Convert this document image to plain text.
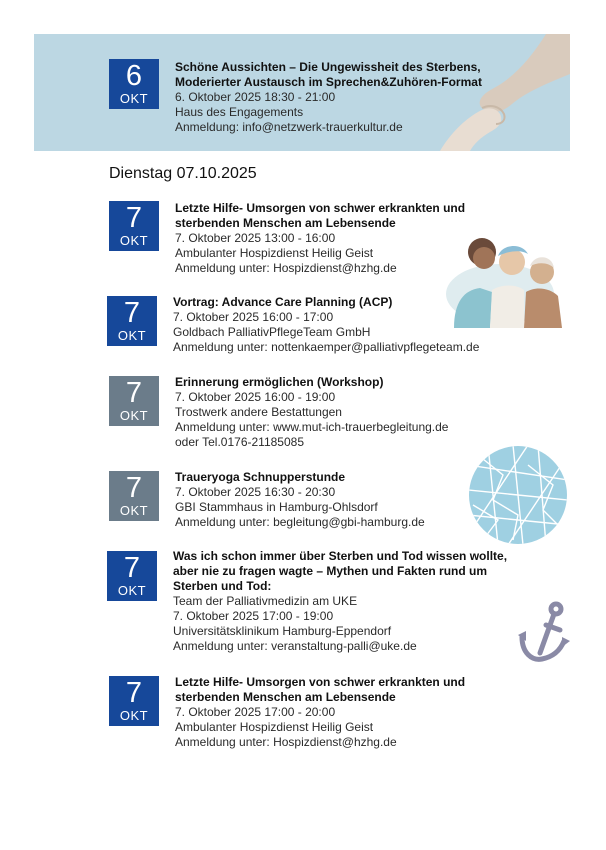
6
OKT
Schöne Aussichten – Die Ungewissheit des Sterbens,
Moderierter Austausch im Sprechen&Zuhören-Format
6. Oktober 2025 18:30 - 21:00
Haus des Engagements
Anmeldung: info@netzwerk-trauerkultur.de
Dienstag 07.10.2025
7
OKT
Letzte Hilfe- Umsorgen von schwer erkrankten und
sterbenden Menschen am Lebensende
7. Oktober 2025 13:00 - 16:00
Ambulanter Hospizdienst Heilig Geist
Anmeldung unter: Hospizdienst@hzhg.de
7
OKT
Vortrag: Advance Care Planning (ACP)
7. Oktober 2025 16:00 - 17:00
Goldbach PalliativPflegeTeam GmbH
Anmeldung unter: nottenkaemper@palliativpflegeteam.de
7
OKT
Erinnerung ermöglichen (Workshop)
7. Oktober 2025 16:00 - 19:00
Trostwerk andere Bestattungen
Anmeldung unter: www.mut-ich-trauerbegleitung.de
oder Tel.0176-21185085
7
OKT
Traueryoga Schnupperstunde
7. Oktober 2025 16:30 - 20:30
GBI Stammhaus in Hamburg-Ohlsdorf
Anmeldung unter: begleitung@gbi-hamburg.de
7
OKT
Was ich schon immer über Sterben und Tod wissen wollte,
aber nie zu fragen wagte – Mythen und Fakten rund um
Sterben und Tod:
Team der Palliativmedizin am UKE
7. Oktober 2025 17:00 - 19:00
Universitätsklinikum Hamburg-Eppendorf
Anmeldung unter: veranstaltung-palli@uke.de
7
OKT
Letzte Hilfe- Umsorgen von schwer erkrankten und
sterbenden Menschen am Lebensende
7. Oktober 2025 17:00 - 20:00
Ambulanter Hospizdienst Heilig Geist
Anmeldung unter: Hospizdienst@hzhg.de
